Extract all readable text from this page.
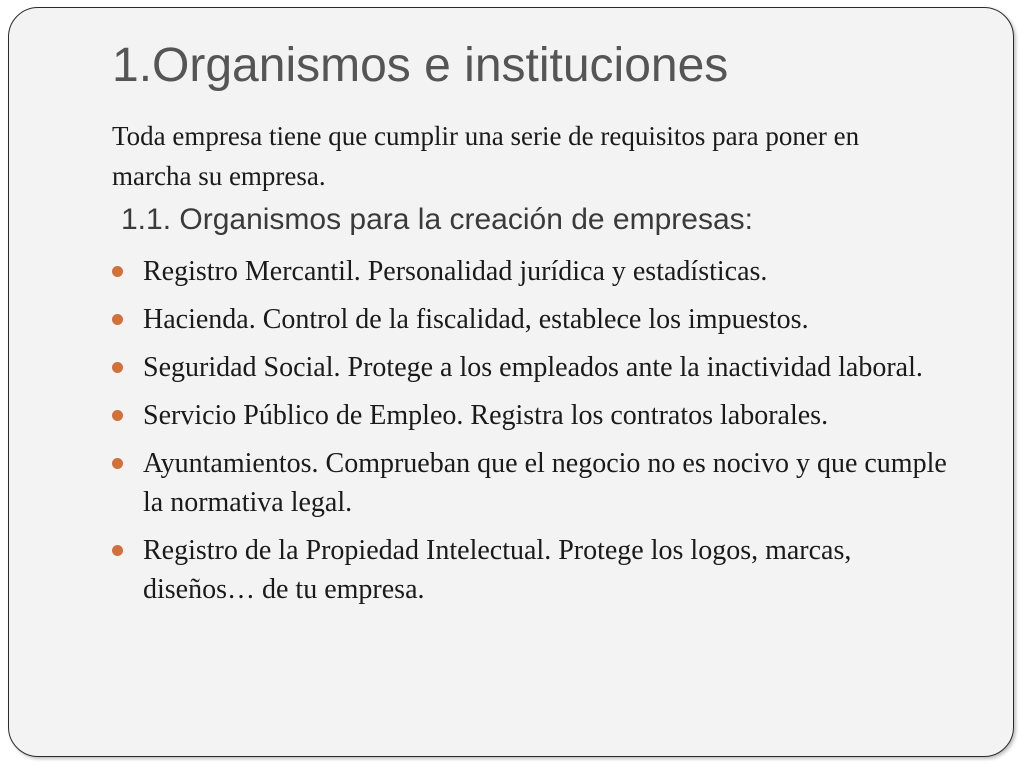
1.Organismos e instituciones

Toda empresa tiene que cumplir una serie de requisitos para poner en marcha su empresa.

1.1. Organismos para la creación de empresas:
Registro Mercantil. Personalidad jurídica y estadísticas.
Hacienda. Control de la fiscalidad, establece los impuestos.
Seguridad Social. Protege a los empleados ante la inactividad laboral.
Servicio Público de Empleo. Registra los contratos laborales.
Ayuntamientos. Comprueban que el negocio no es nocivo y que cumple la normativa legal.
Registro de la Propiedad Intelectual. Protege los logos, marcas, diseños… de tu empresa.
